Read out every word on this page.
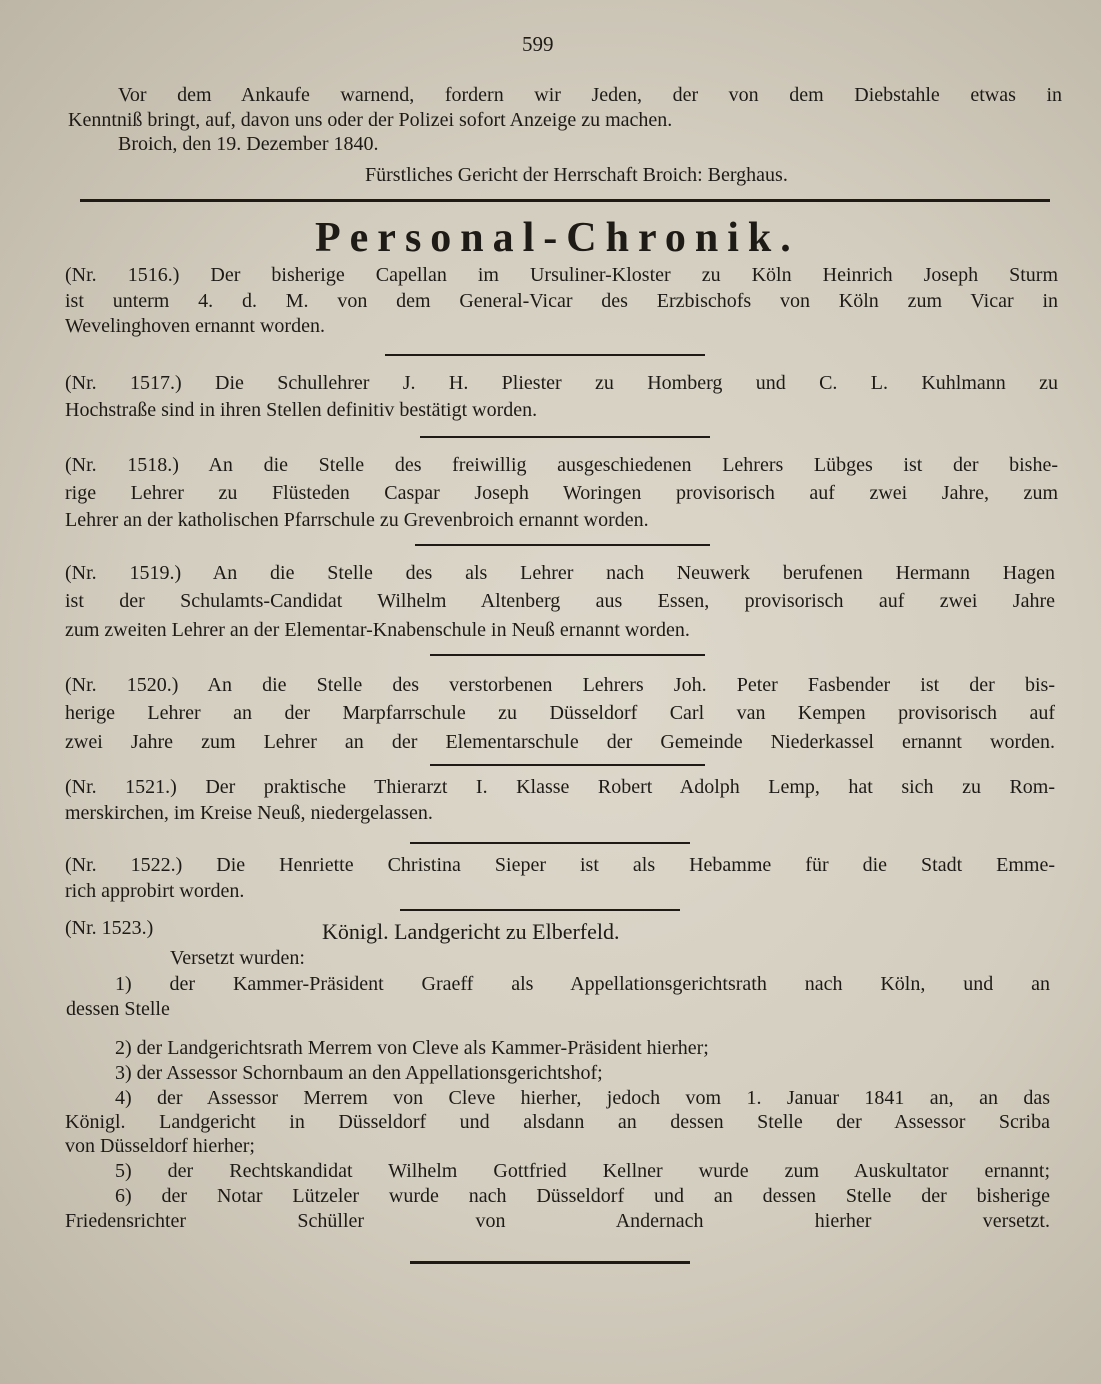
599
Vor dem Ankaufe warnend, fordern wir Jeden, der von dem Diebstahle etwas in
Kenntniß bringt, auf, davon uns oder der Polizei sofort Anzeige zu machen.
Broich, den 19. Dezember 1840.
Fürstliches Gericht der Herrschaft Broich: Berghaus.
Personal-Chronik.
(Nr. 1516.) Der bisherige Capellan im Ursuliner-Kloster zu Köln Heinrich Joseph Sturm
ist unterm 4. d. M. von dem General-Vicar des Erzbischofs von Köln zum Vicar in
Wevelinghoven ernannt worden.
(Nr. 1517.) Die Schullehrer J. H. Pliester zu Homberg und C. L. Kuhlmann zu
Hochstraße sind in ihren Stellen definitiv bestätigt worden.
(Nr. 1518.) An die Stelle des freiwillig ausgeschiedenen Lehrers Lübges ist der bishe-
rige Lehrer zu Flüsteden Caspar Joseph Woringen provisorisch auf zwei Jahre, zum
Lehrer an der katholischen Pfarrschule zu Grevenbroich ernannt worden.
(Nr. 1519.) An die Stelle des als Lehrer nach Neuwerk berufenen Hermann Hagen
ist der Schulamts-Candidat Wilhelm Altenberg aus Essen, provisorisch auf zwei Jahre
zum zweiten Lehrer an der Elementar-Knabenschule in Neuß ernannt worden.
(Nr. 1520.) An die Stelle des verstorbenen Lehrers Joh. Peter Fasbender ist der bis-
herige Lehrer an der Marpfarrschule zu Düsseldorf Carl van Kempen provisorisch auf
zwei Jahre zum Lehrer an der Elementarschule der Gemeinde Niederkassel ernannt worden.
(Nr. 1521.) Der praktische Thierarzt I. Klasse Robert Adolph Lemp, hat sich zu Rom-
merskirchen, im Kreise Neuß, niedergelassen.
(Nr. 1522.) Die Henriette Christina Sieper ist als Hebamme für die Stadt Emme-
rich approbirt worden.
(Nr. 1523.)	Königl. Landgericht zu Elberfeld.
Versetzt wurden:
1) der Kammer-Präsident Graeff als Appellationsgerichtsrath nach Köln, und an
dessen Stelle
2) der Landgerichtsrath Merrem von Cleve als Kammer-Präsident hierher;
3) der Assessor Schornbaum an den Appellationsgerichtshof;
4) der Assessor Merrem von Cleve hierher, jedoch vom 1. Januar 1841 an, an das
Königl. Landgericht in Düsseldorf und alsdann an dessen Stelle der Assessor Scriba
von Düsseldorf hierher;
5) der Rechtskandidat Wilhelm Gottfried Kellner wurde zum Auskultator ernannt;
6) der Notar Lützeler wurde nach Düsseldorf und an dessen Stelle der bisherige
Friedensrichter Schüller von Andernach hierher versetzt.
